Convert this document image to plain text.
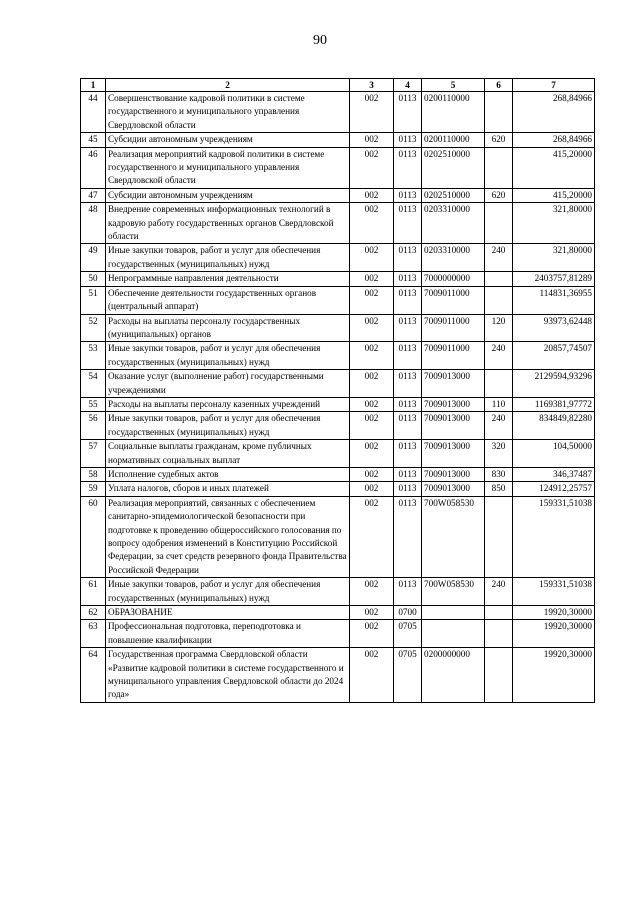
90
1	2	3	4	5	6	7
44	Совершенствование кадровой политики в системе государственного и муниципального управления Свердловской области	002	0113	0200110000		268,84966
45	Субсидии автономным учреждениям	002	0113	0200110000	620	268,84966
46	Реализация мероприятий кадровой политики в системе государственного и муниципального управления Свердловской области	002	0113	0202510000		415,20000
47	Субсидии автономным учреждениям	002	0113	0202510000	620	415,20000
48	Внедрение современных информационных технологий в кадровую работу государственных органов Свердловской области	002	0113	0203310000		321,80000
49	Иные закупки товаров, работ и услуг для обеспечения государственных (муниципальных) нужд	002	0113	0203310000	240	321,80000
50	Непрограммные направления деятельности	002	0113	7000000000		2403757,81289
51	Обеспечение деятельности государственных органов (центральный аппарат)	002	0113	7009011000		114831,36955
52	Расходы на выплаты персоналу государственных (муниципальных) органов	002	0113	7009011000	120	93973,62448
53	Иные закупки товаров, работ и услуг для обеспечения государственных (муниципальных) нужд	002	0113	7009011000	240	20857,74507
54	Оказание услуг (выполнение работ) государственными учреждениями	002	0113	7009013000		2129594,93296
55	Расходы на выплаты персоналу казенных учреждений	002	0113	7009013000	110	1169381,97772
56	Иные закупки товаров, работ и услуг для обеспечения государственных (муниципальных) нужд	002	0113	7009013000	240	834849,82280
57	Социальные выплаты гражданам, кроме публичных нормативных социальных выплат	002	0113	7009013000	320	104,50000
58	Исполнение судебных актов	002	0113	7009013000	830	346,37487
59	Уплата налогов, сборов и иных платежей	002	0113	7009013000	850	124912,25757
60	Реализация мероприятий, связанных с обеспечением санитарно-эпидемиологической безопасности при подготовке к проведению общероссийского голосования по вопросу одобрения изменений в Конституцию Российской Федерации, за счет средств резервного фонда Правительства Российской Федерации	002	0113	700W058530		159331,51038
61	Иные закупки товаров, работ и услуг для обеспечения государственных (муниципальных) нужд	002	0113	700W058530	240	159331,51038
62	ОБРАЗОВАНИЕ	002	0700			19920,30000
63	Профессиональная подготовка, переподготовка и повышение квалификации	002	0705			19920,30000
64	Государственная программа Свердловской области «Развитие кадровой политики в системе государственного и муниципального управления Свердловской области до 2024 года»	002	0705	0200000000		19920,30000
